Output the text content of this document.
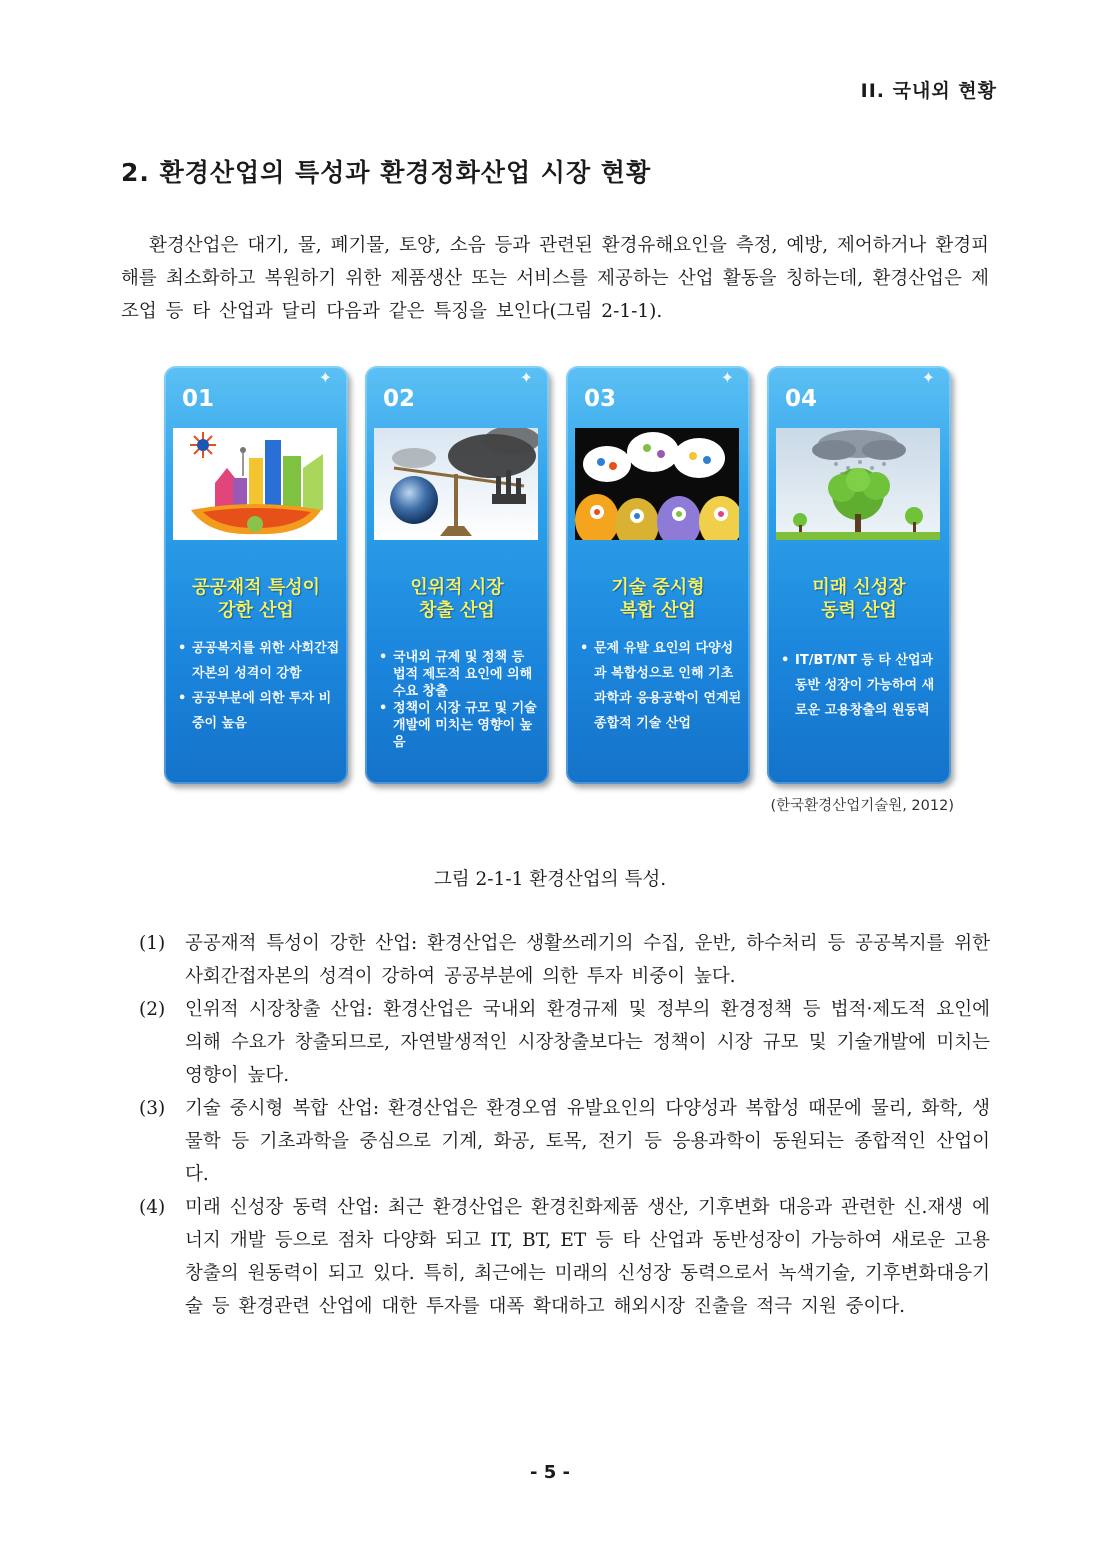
II. 국내외 현황
2. 환경산업의 특성과 환경정화산업 시장 현황

환경산업은 대기, 물, 폐기물, 토양, 소음 등과 관련된 환경유해요인을 측정, 예방, 제어하거나 환경피해를 최소화하고 복원하기 위한 제품생산 또는 서비스를 제공하는 산업 활동을 칭하는데, 환경산업은 제조업 등 타 산업과 달리 다음과 같은 특징을 보인다(그림 2-1-1).

✦
01
공공재적 특성이
강한 산업
• 공공복지를 위한 사회간접 자본의 성격이 강함
• 공공부분에 의한 투자 비중이 높음
✦
02
인위적 시장
창출 산업
• 국내외 규제 및 정책 등 법적 제도적 요인에 의해 수요 창출
• 정책이 시장 규모 및 기술 개발에 미치는 영향이 높음
✦
03
기술 중시형
복합 산업
• 문제 유발 요인의 다양성과 복합성으로 인해 기초과학과 응용공학이 연계된 종합적 기술 산업
✦
04
미래 신성장
동력 산업
• IT/BT/NT 등 타 산업과 동반 성장이 가능하여 새로운 고용창출의 원동력
(한국환경산업기술원, 2012)
그림 2-1-1 환경산업의 특성.
(1) 공공재적 특성이 강한 산업: 환경산업은 생활쓰레기의 수집, 운반, 하수처리 등 공공복지를 위한 사회간접자본의 성격이 강하여 공공부분에 의한 투자 비중이 높다.
(2) 인위적 시장창출 산업: 환경산업은 국내외 환경규제 및 정부의 환경정책 등 법적·제도적 요인에 의해 수요가 창출되므로, 자연발생적인 시장창출보다는 정책이 시장 규모 및 기술개발에 미치는 영향이 높다.
(3) 기술 중시형 복합 산업: 환경산업은 환경오염 유발요인의 다양성과 복합성 때문에 물리, 화학, 생물학 등 기초과학을 중심으로 기계, 화공, 토목, 전기 등 응용과학이 동원되는 종합적인 산업이다.
(4) 미래 신성장 동력 산업: 최근 환경산업은 환경친화제품 생산, 기후변화 대응과 관련한 신.재생 에너지 개발 등으로 점차 다양화 되고 IT, BT, ET 등 타 산업과 동반성장이 가능하여 새로운 고용창출의 원동력이 되고 있다. 특히, 최근에는 미래의 신성장 동력으로서 녹색기술, 기후변화대응기술 등 환경관련 산업에 대한 투자를 대폭 확대하고 해외시장 진출을 적극 지원 중이다.
- 5 -
